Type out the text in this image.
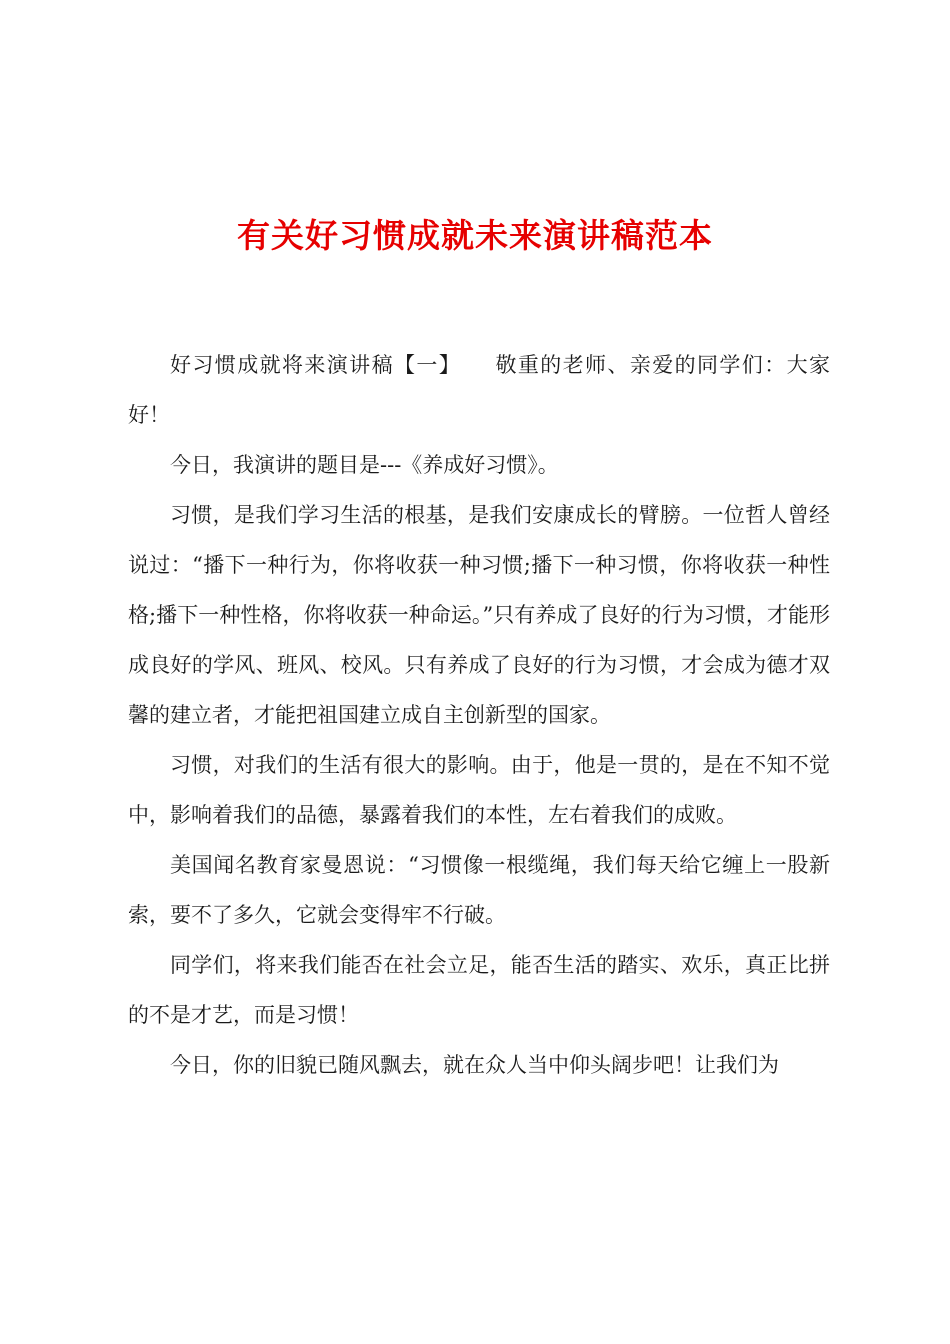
有关好习惯成就未来演讲稿范本

好习惯成就将来演讲稿【一】　　敬重的老师、亲爱的同学们：大家好！

今日，我演讲的题目是---《养成好习惯》。

习惯，是我们学习生活的根基，是我们安康成长的臂膀。一位哲人曾经说过：“播下一种行为，你将收获一种习惯;播下一种习惯，你将收获一种性格;播下一种性格，你将收获一种命运。”只有养成了良好的行为习惯，才能形成良好的学风、班风、校风。只有养成了良好的行为习惯，才会成为德才双馨的建立者，才能把祖国建立成自主创新型的国家。

习惯，对我们的生活有很大的影响。由于，他是一贯的，是在不知不觉中，影响着我们的品德，暴露着我们的本性，左右着我们的成败。

美国闻名教育家曼恩说：“习惯像一根缆绳，我们每天给它缠上一股新索，要不了多久，它就会变得牢不行破。

同学们，将来我们能否在社会立足，能否生活的踏实、欢乐，真正比拼的不是才艺，而是习惯！

今日，你的旧貌已随风飘去，就在众人当中仰头阔步吧！让我们为
